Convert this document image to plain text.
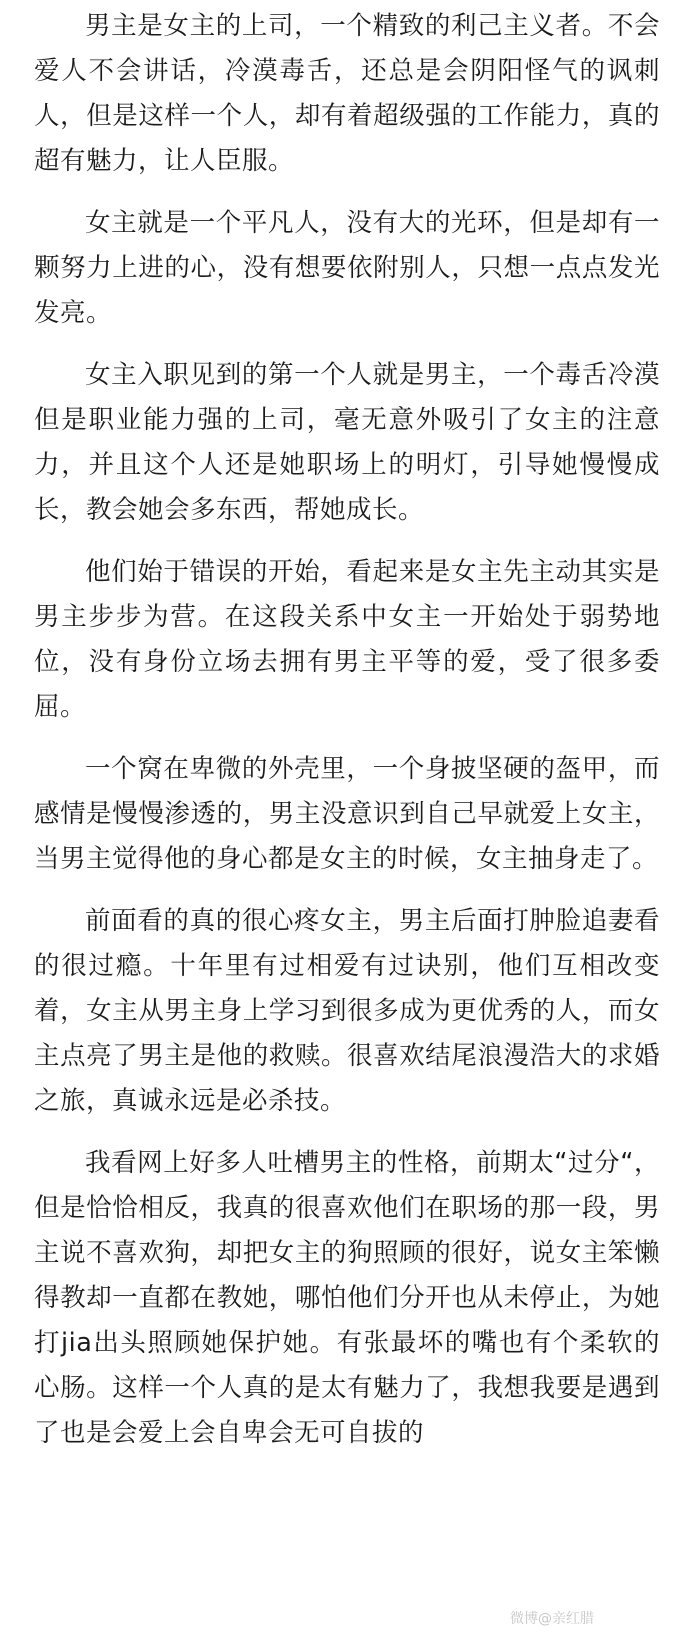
男主是女主的上司，一个精致的利己主义者。不会爱人不会讲话，冷漠毒舌，还总是会阴阳怪气的讽刺人，但是这样一个人，却有着超级强的工作能力，真的超有魅力，让人臣服。

女主就是一个平凡人，没有大的光环，但是却有一颗努力上进的心，没有想要依附别人，只想一点点发光发亮。

女主入职见到的第一个人就是男主，一个毒舌冷漠但是职业能力强的上司，毫无意外吸引了女主的注意力，并且这个人还是她职场上的明灯，引导她慢慢成长，教会她会多东西，帮她成长。

他们始于错误的开始，看起来是女主先主动其实是男主步步为营。在这段关系中女主一开始处于弱势地位，没有身份立场去拥有男主平等的爱，受了很多委屈。

一个窝在卑微的外壳里，一个身披坚硬的盔甲，而感情是慢慢渗透的，男主没意识到自己早就爱上女主，当男主觉得他的身心都是女主的时候，女主抽身走了。

前面看的真的很心疼女主，男主后面打肿脸追妻看的很过瘾。十年里有过相爱有过诀别，他们互相改变着，女主从男主身上学习到很多成为更优秀的人，而女主点亮了男主是他的救赎。很喜欢结尾浪漫浩大的求婚之旅，真诚永远是必杀技。

我看网上好多人吐槽男主的性格，前期太“过分“，但是恰恰相反，我真的很喜欢他们在职场的那一段，男主说不喜欢狗，却把女主的狗照顾的很好，说女主笨懒得教却一直都在教她，哪怕他们分开也从未停止，为她打jia出头照顾她保护她。有张最坏的嘴也有个柔软的心肠。这样一个人真的是太有魅力了，我想我要是遇到了也是会爱上会自卑会无可自拔的

微博@亲红腊
